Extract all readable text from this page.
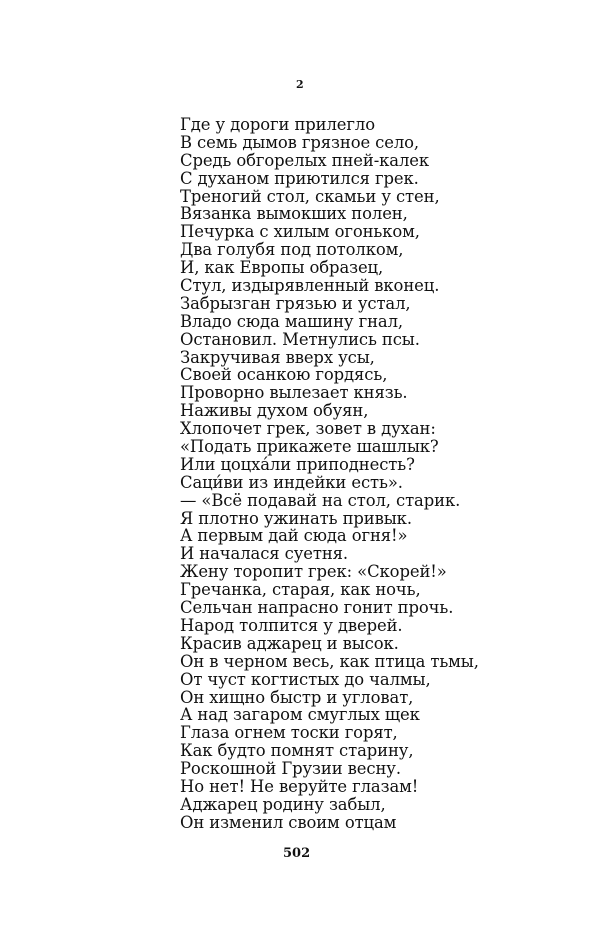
2
Где у дороги прилегло
В семь дымов грязное село,
Средь обгорелых пней-калек
С духаном приютился грек.
Треногий стол, скамьи у стен,
Вязанка вымокших полен,
Печурка с хилым огоньком,
Два голубя под потолком,
И, как Европы образец,
Стул, издырявленный вконец.
Забрызган грязью и устал,
Владо сюда машину гнал,
Остановил. Метнулись псы.
Закручивая вверх усы,
Своей осанкою гордясь,
Проворно вылезает князь.
Наживы духом обуян,
Хлопочет грек, зовет в духан:
«Подать прикажете шашлык?
Или цоцха́ли приподнесть?
Саци́ви из индейки есть».
— «Всё подавай на стол, старик.
Я плотно ужинать привык.
А первым дай сюда огня!»
И началася суетня.
Жену торопит грек: «Скорей!»
Гречанка, старая, как ночь,
Сельчан напрасно гонит прочь.
Народ толпится у дверей.
Красив аджарец и высок.
Он в черном весь, как птица тьмы,
От чуст когтистых до чалмы,
Он хищно быстр и угловат,
А над загаром смуглых щек
Глаза огнем тоски горят,
Как будто помнят старину,
Роскошной Грузии весну.
Но нет! Не веруйте глазам!
Аджарец родину забыл,
Он изменил своим отцам
502
